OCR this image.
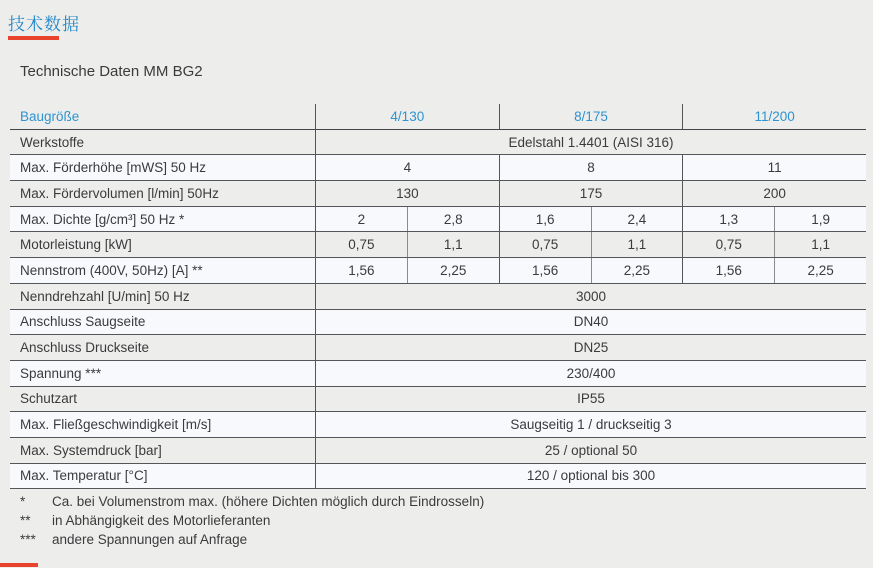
技术数据
Technische Daten MM BG2
Baugröße	4/130	8/175	11/200
Werkstoffe	Edelstahl 1.4401 (AISI 316)
Max. Förderhöhe [mWS] 50 Hz	4	8	11
Max. Fördervolumen [l/min] 50Hz	130	175	200
Max. Dichte [g/cm³] 50 Hz *	2	2,8	1,6	2,4	1,3	1,9
Motorleistung [kW]	0,75	1,1	0,75	1,1	0,75	1,1
Nennstrom (400V, 50Hz) [A] **	1,56	2,25	1,56	2,25	1,56	2,25
Nenndrehzahl [U/min] 50 Hz	3000
Anschluss Saugseite	DN40
Anschluss Druckseite	DN25
Spannung ***	230/400
Schutzart	IP55
Max. Fließgeschwindigkeit [m/s]	Saugseitig 1 / druckseitig 3
Max. Systemdruck [bar]	25 / optional 50
Max. Temperatur [°C]	120 / optional bis 300
*	Ca. bei Volumenstrom max. (höhere Dichten möglich durch Eindrosseln)
**	in Abhängigkeit des Motorlieferanten
***	andere Spannungen auf Anfrage
